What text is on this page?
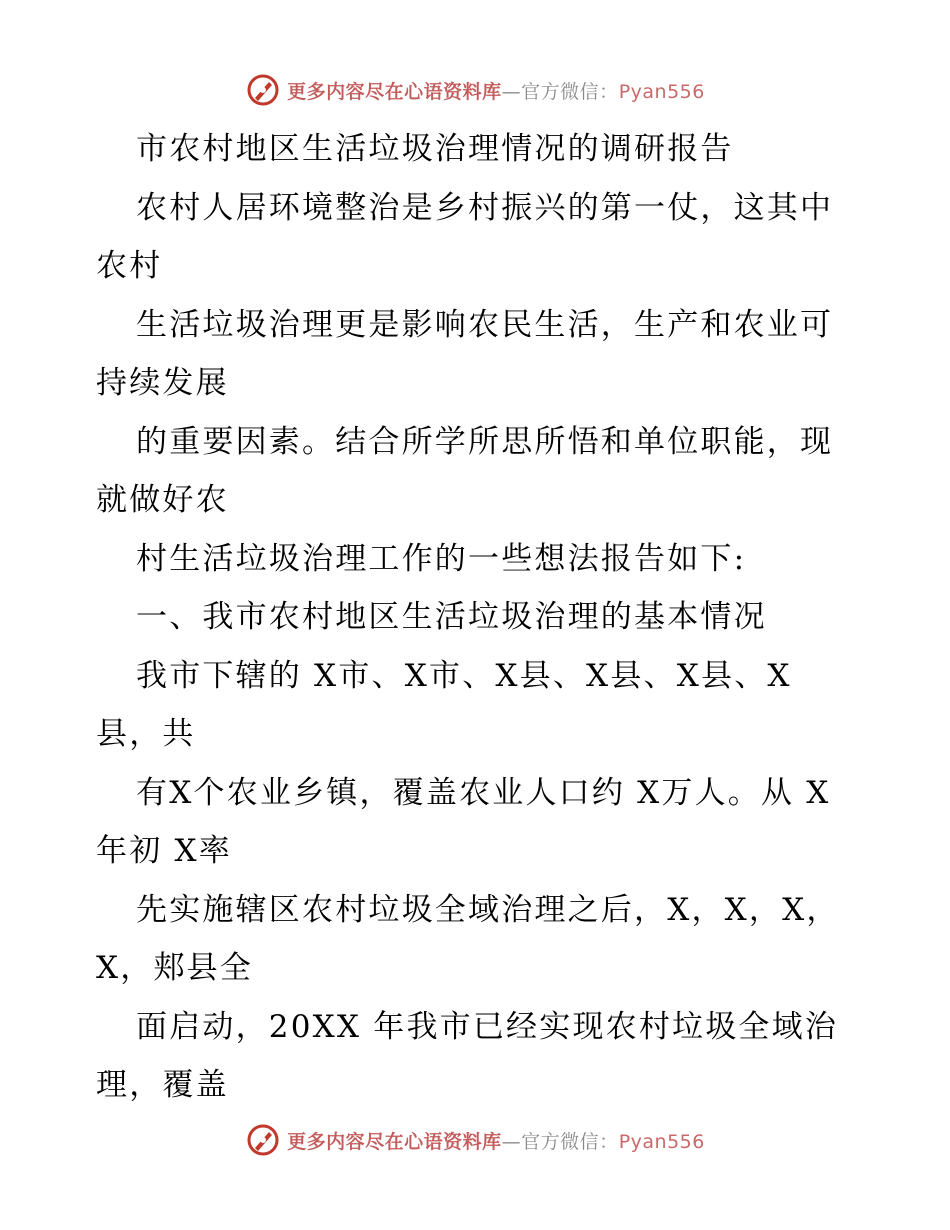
更多内容尽在心语资料库—官方微信：Pyan556
市农村地区生活垃圾治理情况的调研报告
农村人居环境整治是乡村振兴的第一仗，这其中
农村
生活垃圾治理更是影响农民生活，生产和农业可
持续发展
的重要因素。结合所学所思所悟和单位职能，现
就做好农
村生活垃圾治理工作的一些想法报告如下:
一、我市农村地区生活垃圾治理的基本情况
我市下辖的 X市、X市、X县、X县、X县、X
县，共
有X个农业乡镇，覆盖农业人口约 X万人。从 X
年初 X率
先实施辖区农村垃圾全域治理之后，X，X，X，
X，郏县全
面启动，20XX 年我市已经实现农村垃圾全域治
理，覆盖
更多内容尽在心语资料库—官方微信：Pyan556
